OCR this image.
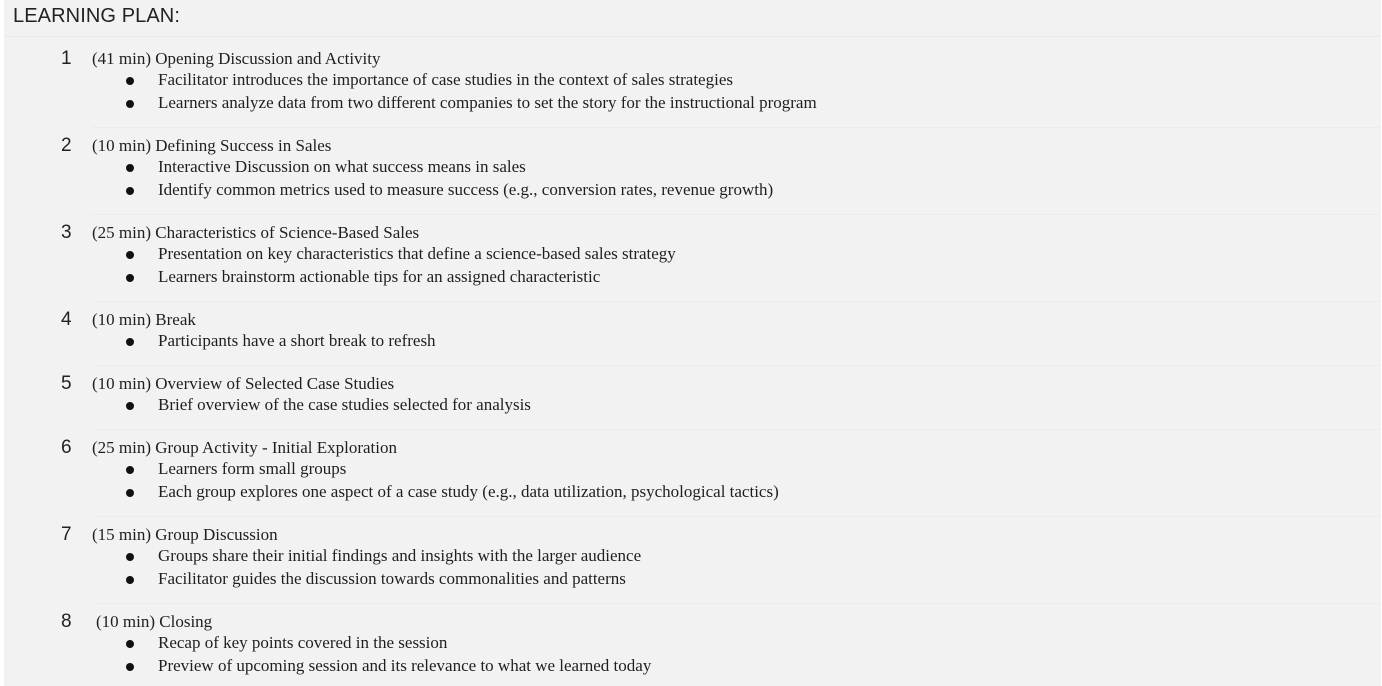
LEARNING PLAN:
1 (41 min) Opening Discussion and Activity
Facilitator introduces the importance of case studies in the context of sales strategies
Learners analyze data from two different companies to set the story for the instructional program
2 (10 min) Defining Success in Sales
Interactive Discussion on what success means in sales
Identify common metrics used to measure success (e.g., conversion rates, revenue growth)
3 (25 min) Characteristics of Science-Based Sales
Presentation on key characteristics that define a science-based sales strategy
Learners brainstorm actionable tips for an assigned characteristic
4 (10 min) Break
Participants have a short break to refresh
5 (10 min) Overview of Selected Case Studies
Brief overview of the case studies selected for analysis
6 (25 min) Group Activity - Initial Exploration
Learners form small groups
Each group explores one aspect of a case study (e.g., data utilization, psychological tactics)
7 (15 min) Group Discussion
Groups share their initial findings and insights with the larger audience
Facilitator guides the discussion towards commonalities and patterns
8 (10 min) Closing
Recap of key points covered in the session
Preview of upcoming session and its relevance to what we learned today
